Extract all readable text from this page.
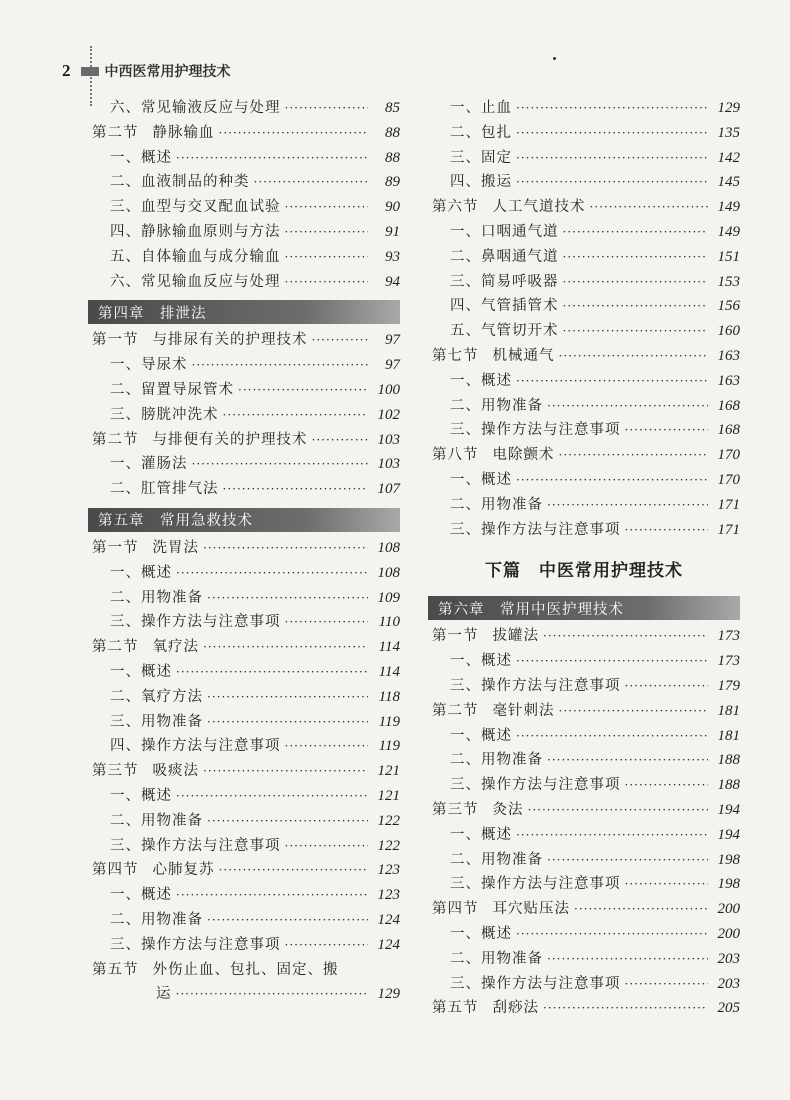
2 中西医常用护理技术
六、常见输液反应与处理 ·····	85
第二节 静脉输血 ·····	88
一、概述 ·····	88
二、血液制品的种类 ·····	89
三、血型与交叉配血试验 ·····	90
四、静脉输血原则与方法 ·····	91
五、自体输血与成分输血 ·····	93
六、常见输血反应与处理 ·····	94
第四章　排泄法
第一节 与排尿有关的护理技术 ·····	97
一、导尿术 ·····	97
二、留置导尿管术 ·····	100
三、膀胱冲洗术 ·····	102
第二节 与排便有关的护理技术 ·····	103
一、灌肠法 ·····	103
二、肛管排气法 ·····	107
第五章　常用急救技术
第一节 洗胃法 ·····	108
一、概述 ·····	108
二、用物准备 ·····	109
三、操作方法与注意事项 ·····	110
第二节 氧疗法 ·····	114
一、概述 ·····	114
二、氧疗方法 ·····	118
三、用物准备 ·····	119
四、操作方法与注意事项 ·····	119
第三节 吸痰法 ·····	121
一、概述 ·····	121
二、用物准备 ·····	122
三、操作方法与注意事项 ·····	122
第四节 心肺复苏 ·····	123
一、概述 ·····	123
二、用物准备 ·····	124
三、操作方法与注意事项 ·····	124
第五节 外伤止血、包扎、固定、搬
运 ·····	129
一、止血 ·····	129
二、包扎 ·····	135
三、固定 ·····	142
四、搬运 ·····	145
第六节 人工气道技术 ·····	149
一、口咽通气道 ·····	149
二、鼻咽通气道 ·····	151
三、简易呼吸器 ·····	153
四、气管插管术 ·····	156
五、气管切开术 ·····	160
第七节 机械通气 ·····	163
一、概述 ·····	163
二、用物准备 ·····	168
三、操作方法与注意事项 ·····	168
第八节 电除颤术 ·····	170
一、概述 ·····	170
二、用物准备 ·····	171
三、操作方法与注意事项 ·····	171
下篇　中医常用护理技术
第六章　常用中医护理技术
第一节 拔罐法 ·····	173
一、概述 ·····	173
三、操作方法与注意事项 ·····	179
第二节 毫针刺法 ·····	181
一、概述 ·····	181
二、用物准备 ·····	188
三、操作方法与注意事项 ·····	188
第三节 灸法 ·····	194
一、概述 ·····	194
二、用物准备 ·····	198
三、操作方法与注意事项 ·····	198
第四节 耳穴贴压法 ·····	200
一、概述 ·····	200
二、用物准备 ·····	203
三、操作方法与注意事项 ·····	203
第五节 刮痧法 ·····	205
